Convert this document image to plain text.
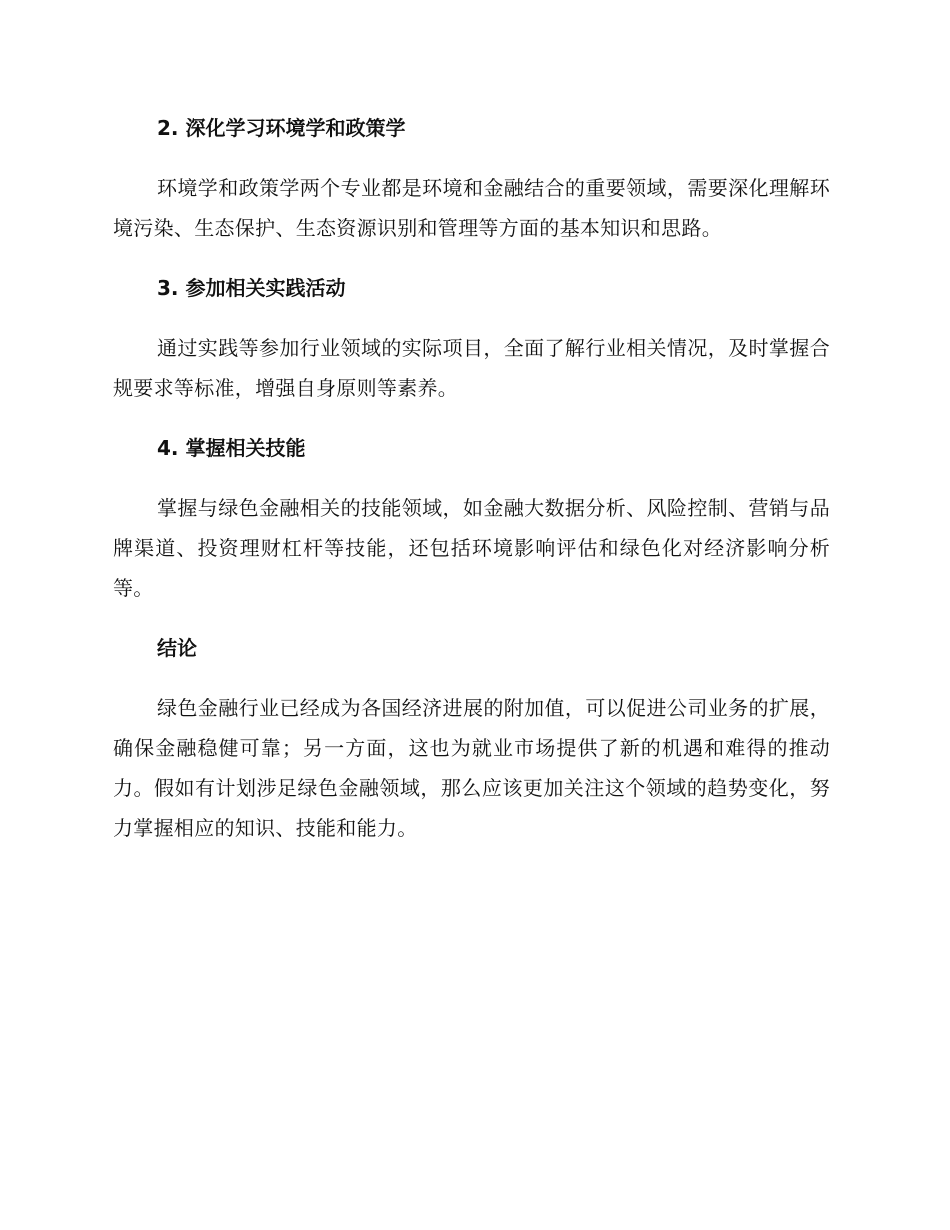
2. 深化学习环境学和政策学

环境学和政策学两个专业都是环境和金融结合的重要领域，需要深化理解环境污染、生态保护、生态资源识别和管理等方面的基本知识和思路。

3. 参加相关实践活动

通过实践等参加行业领域的实际项目，全面了解行业相关情况，及时掌握合规要求等标准，增强自身原则等素养。

4. 掌握相关技能

掌握与绿色金融相关的技能领域，如金融大数据分析、风险控制、营销与品牌渠道、投资理财杠杆等技能，还包括环境影响评估和绿色化对经济影响分析等。

结论

绿色金融行业已经成为各国经济进展的附加值，可以促进公司业务的扩展，确保金融稳健可靠；另一方面，这也为就业市场提供了新的机遇和难得的推动力。假如有计划涉足绿色金融领域，那么应该更加关注这个领域的趋势变化，努力掌握相应的知识、技能和能力。
